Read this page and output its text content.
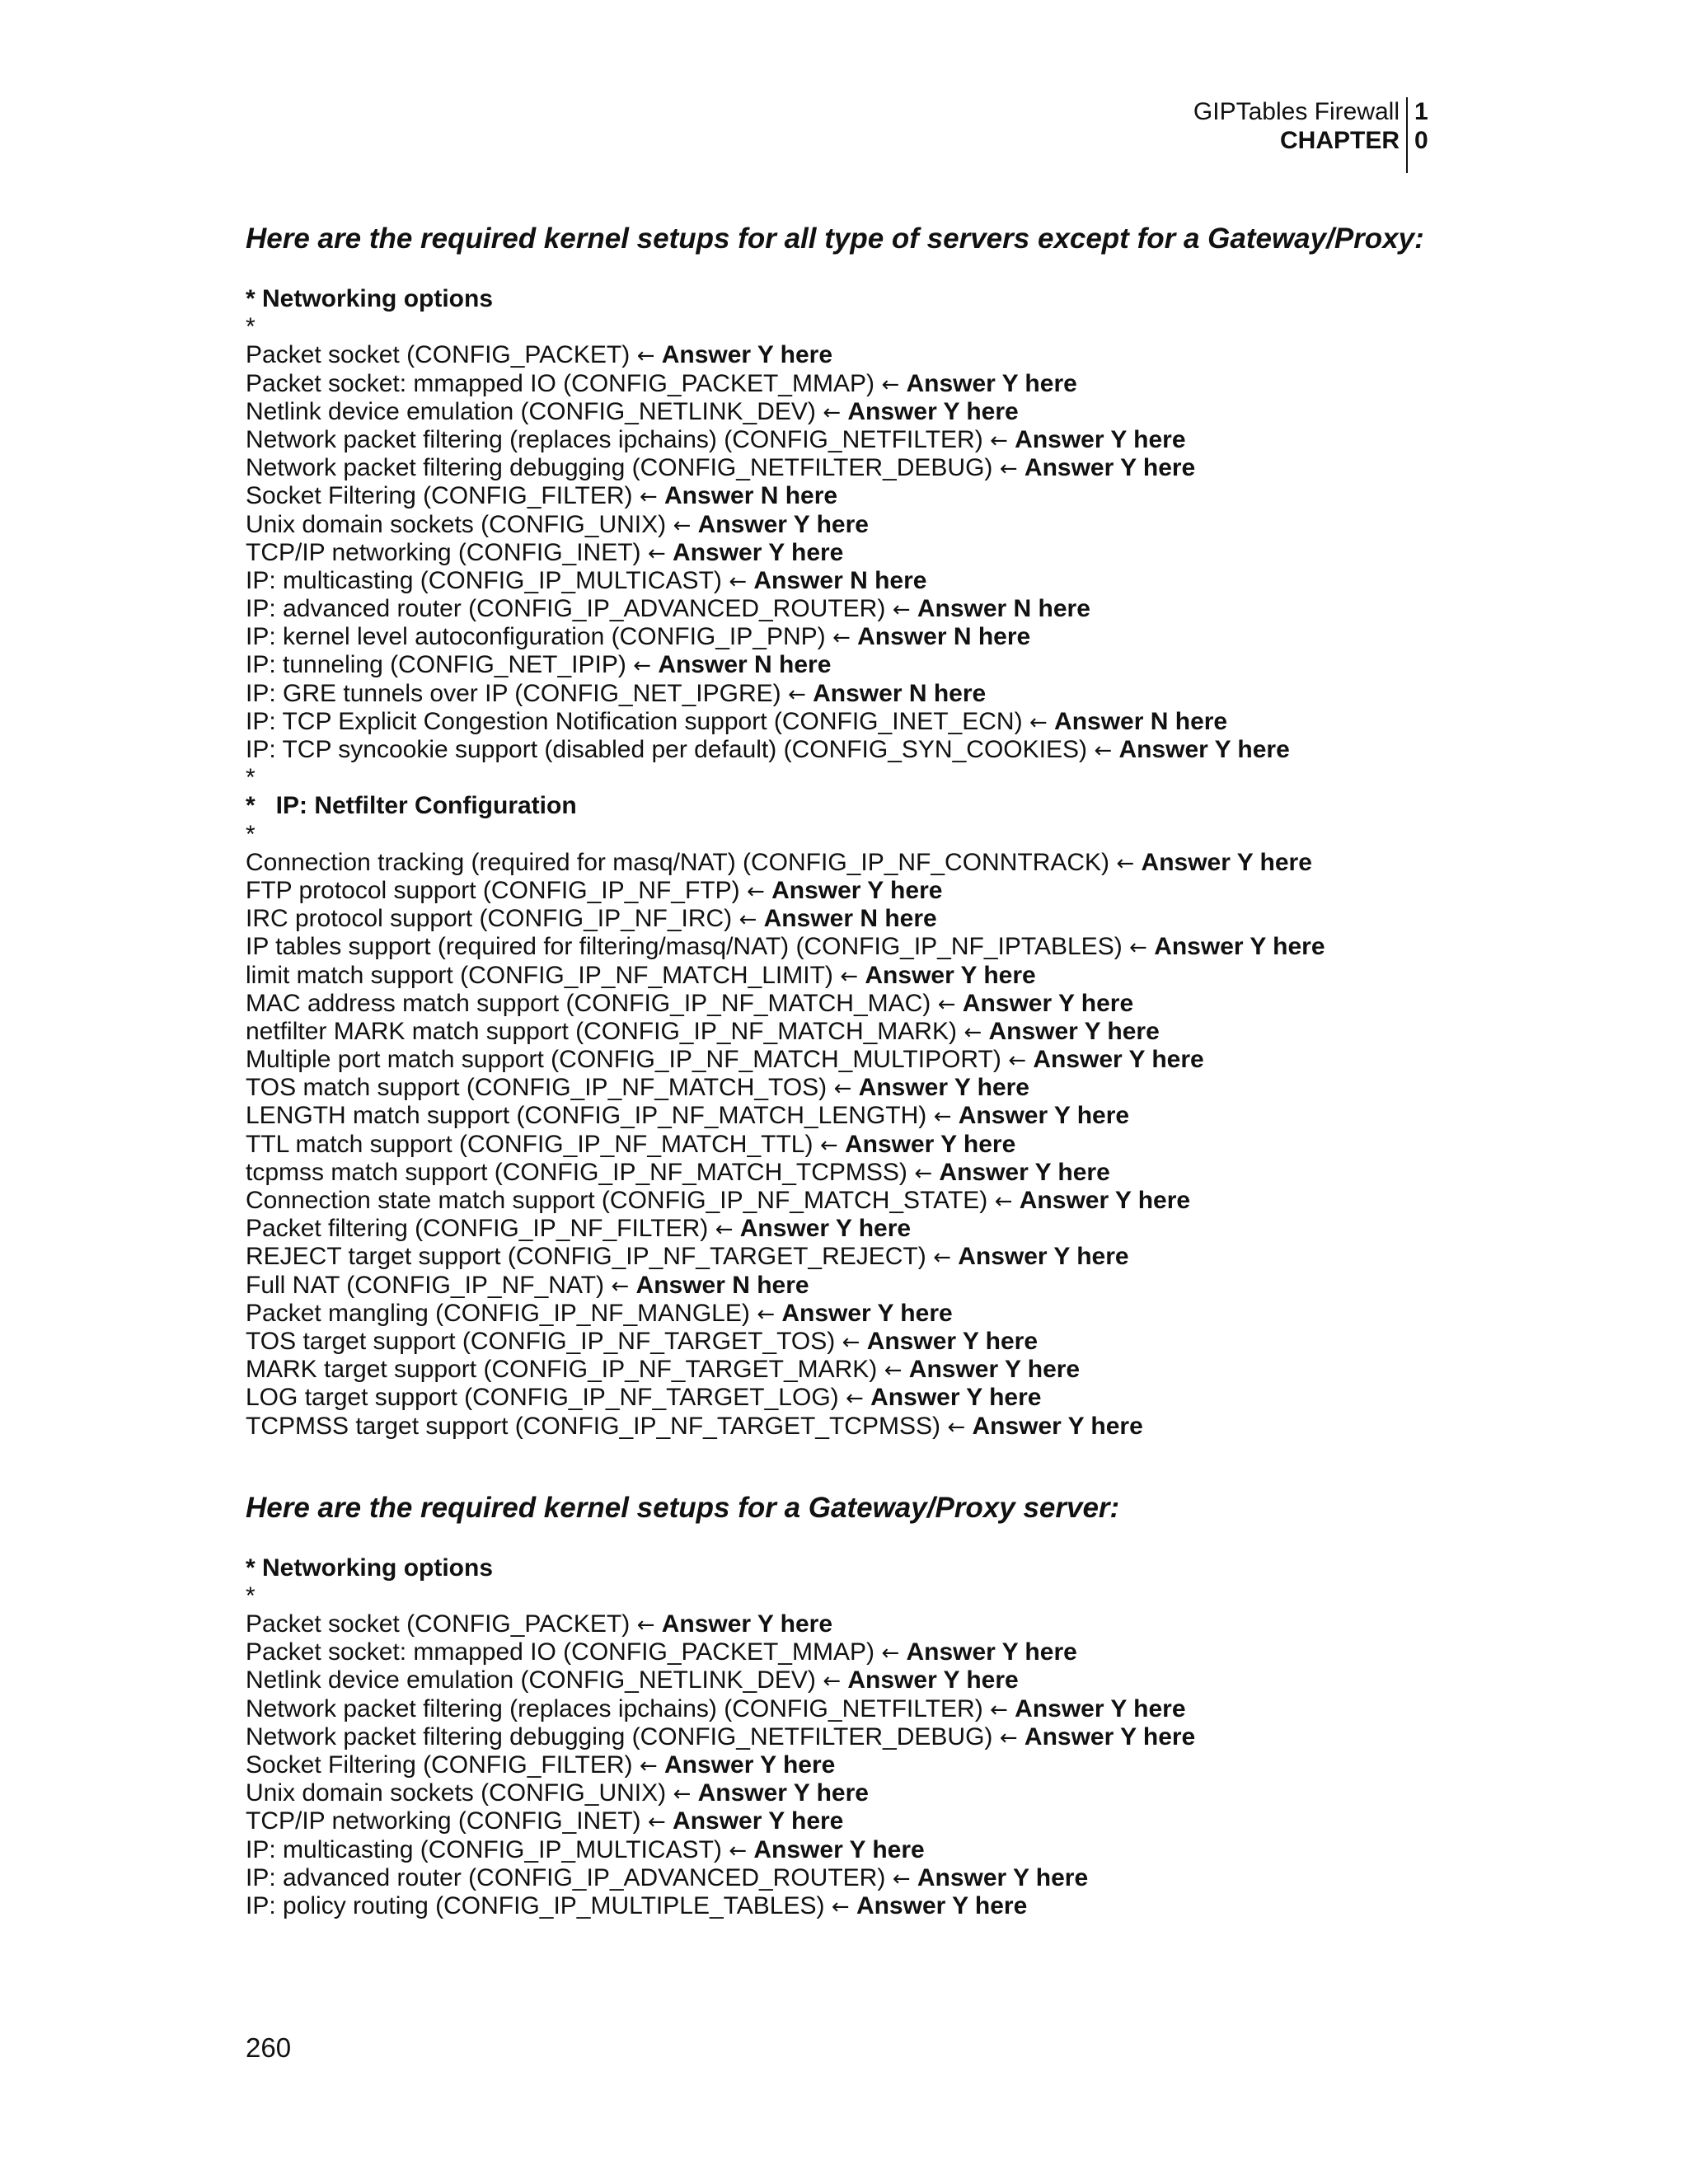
GIPTables Firewall
CHAPTER
1
0
Here are the required kernel setups for all type of servers except for a Gateway/Proxy:
* Networking options
*
Packet socket (CONFIG_PACKET) ← Answer Y here
Packet socket: mmapped IO (CONFIG_PACKET_MMAP) ← Answer Y here
Netlink device emulation (CONFIG_NETLINK_DEV) ← Answer Y here
Network packet filtering (replaces ipchains) (CONFIG_NETFILTER) ← Answer Y here
Network packet filtering debugging (CONFIG_NETFILTER_DEBUG) ← Answer Y here
Socket Filtering (CONFIG_FILTER) ← Answer N here
Unix domain sockets (CONFIG_UNIX) ← Answer Y here
TCP/IP networking (CONFIG_INET) ← Answer Y here
IP: multicasting (CONFIG_IP_MULTICAST) ← Answer N here
IP: advanced router (CONFIG_IP_ADVANCED_ROUTER) ← Answer N here
IP: kernel level autoconfiguration (CONFIG_IP_PNP) ← Answer N here
IP: tunneling (CONFIG_NET_IPIP) ← Answer N here
IP: GRE tunnels over IP (CONFIG_NET_IPGRE) ← Answer N here
IP: TCP Explicit Congestion Notification support (CONFIG_INET_ECN) ← Answer N here
IP: TCP syncookie support (disabled per default) (CONFIG_SYN_COOKIES) ← Answer Y here
*
*   IP: Netfilter Configuration
*
Connection tracking (required for masq/NAT) (CONFIG_IP_NF_CONNTRACK) ← Answer Y here
FTP protocol support (CONFIG_IP_NF_FTP) ← Answer Y here
IRC protocol support (CONFIG_IP_NF_IRC) ← Answer N here
IP tables support (required for filtering/masq/NAT) (CONFIG_IP_NF_IPTABLES) ← Answer Y here
limit match support (CONFIG_IP_NF_MATCH_LIMIT) ← Answer Y here
MAC address match support (CONFIG_IP_NF_MATCH_MAC) ← Answer Y here
netfilter MARK match support (CONFIG_IP_NF_MATCH_MARK) ← Answer Y here
Multiple port match support (CONFIG_IP_NF_MATCH_MULTIPORT) ← Answer Y here
TOS match support (CONFIG_IP_NF_MATCH_TOS) ← Answer Y here
LENGTH match support (CONFIG_IP_NF_MATCH_LENGTH) ← Answer Y here
TTL match support (CONFIG_IP_NF_MATCH_TTL) ← Answer Y here
tcpmss match support (CONFIG_IP_NF_MATCH_TCPMSS) ← Answer Y here
Connection state match support (CONFIG_IP_NF_MATCH_STATE) ← Answer Y here
Packet filtering (CONFIG_IP_NF_FILTER) ← Answer Y here
REJECT target support (CONFIG_IP_NF_TARGET_REJECT) ← Answer Y here
Full NAT (CONFIG_IP_NF_NAT) ← Answer N here
Packet mangling (CONFIG_IP_NF_MANGLE) ← Answer Y here
TOS target support (CONFIG_IP_NF_TARGET_TOS) ← Answer Y here
MARK target support (CONFIG_IP_NF_TARGET_MARK) ← Answer Y here
LOG target support (CONFIG_IP_NF_TARGET_LOG) ← Answer Y here
TCPMSS target support (CONFIG_IP_NF_TARGET_TCPMSS) ← Answer Y here
Here are the required kernel setups for a Gateway/Proxy server:
* Networking options
*
Packet socket (CONFIG_PACKET) ← Answer Y here
Packet socket: mmapped IO (CONFIG_PACKET_MMAP) ← Answer Y here
Netlink device emulation (CONFIG_NETLINK_DEV) ← Answer Y here
Network packet filtering (replaces ipchains) (CONFIG_NETFILTER) ← Answer Y here
Network packet filtering debugging (CONFIG_NETFILTER_DEBUG) ← Answer Y here
Socket Filtering (CONFIG_FILTER) ← Answer Y here
Unix domain sockets (CONFIG_UNIX) ← Answer Y here
TCP/IP networking (CONFIG_INET) ← Answer Y here
IP: multicasting (CONFIG_IP_MULTICAST) ← Answer Y here
IP: advanced router (CONFIG_IP_ADVANCED_ROUTER) ← Answer Y here
IP: policy routing (CONFIG_IP_MULTIPLE_TABLES) ← Answer Y here
260
